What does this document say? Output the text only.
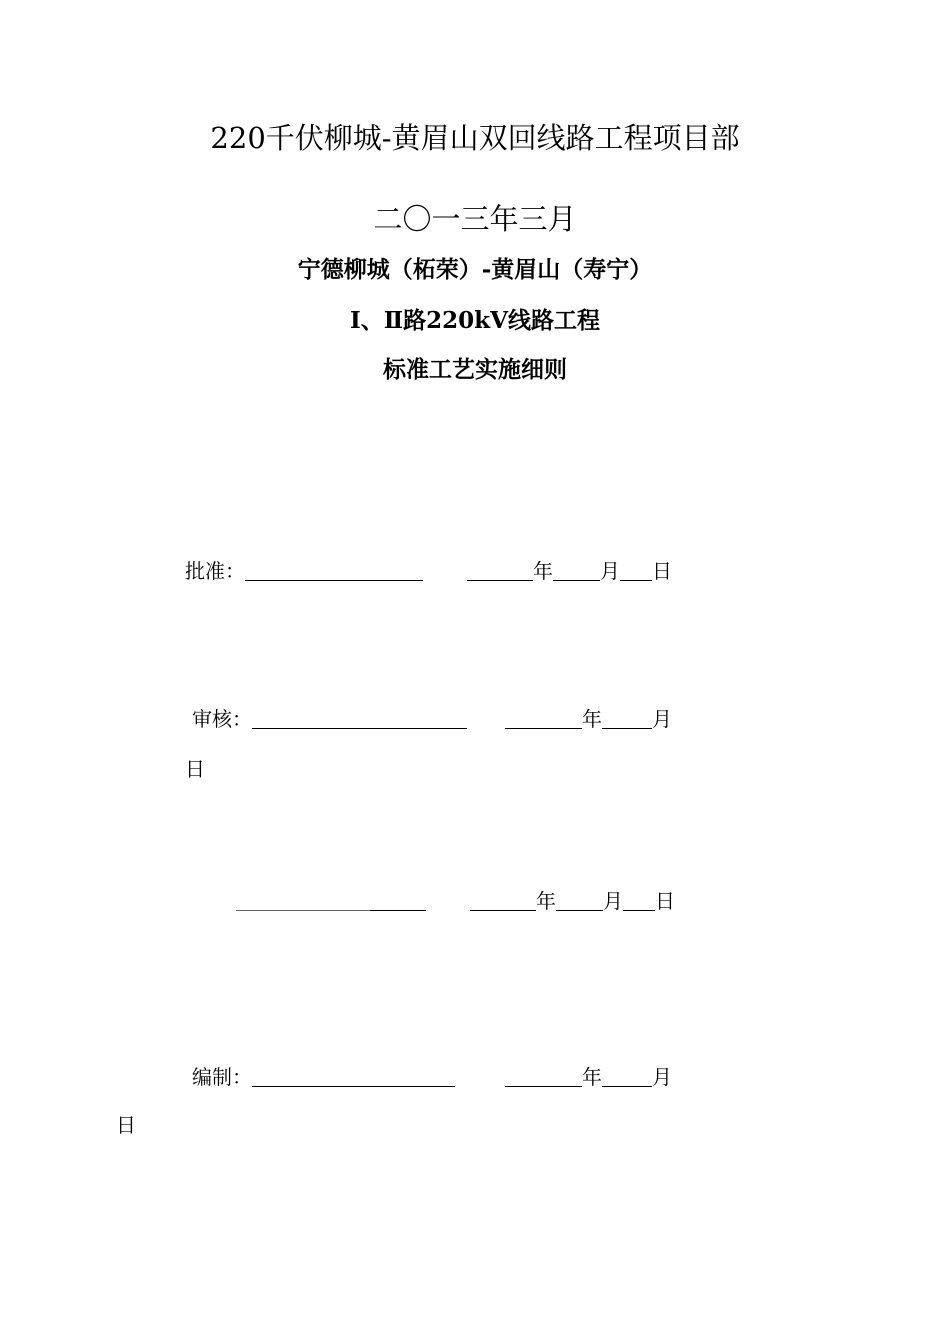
220千伏柳城-黄眉山双回线路工程项目部
二〇一三年三月
宁德柳城（柘荣）-黄眉山（寿宁）
Ⅰ、Ⅱ路220kV线路工程
标准工艺实施细则
批准：	年 月 日
审核：	年	月
日
年 月 日
编制：	年	月
日
